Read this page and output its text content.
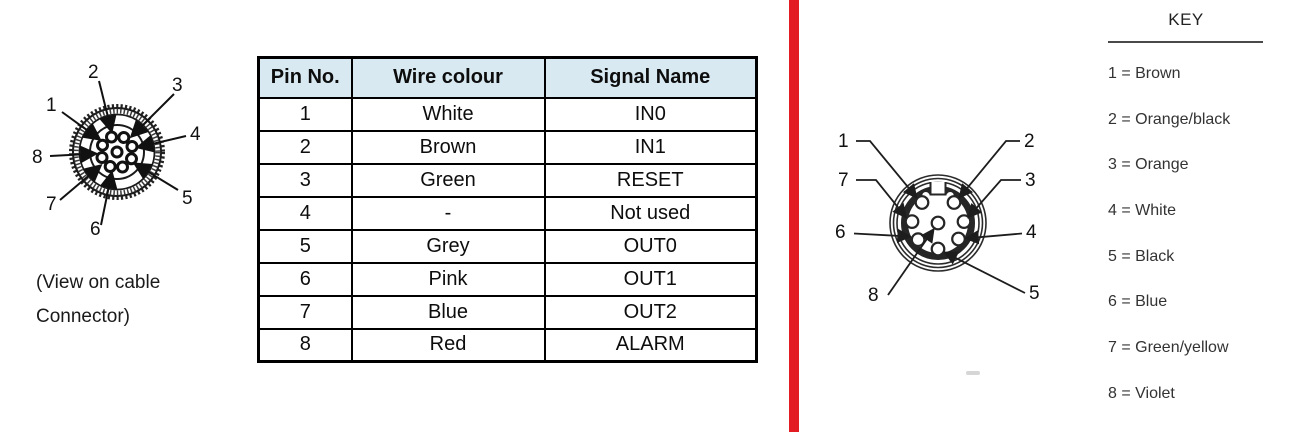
1
2
3
4
5
6
7
8
(View on cable
Connector)
Pin No.	Wire colour	Signal Name
1	White	IN0
2	Brown	IN1
3	Green	RESET
4	-	Not used
5	Grey	OUT0
6	Pink	OUT1
7	Blue	OUT2
8	Red	ALARM
1	2
3
4
5
6
7
8
KEY
1 = Brown
2 = Orange/black
3 = Orange
4 = White
5 = Black
6 = Blue
7 = Green/yellow
8 = Violet
